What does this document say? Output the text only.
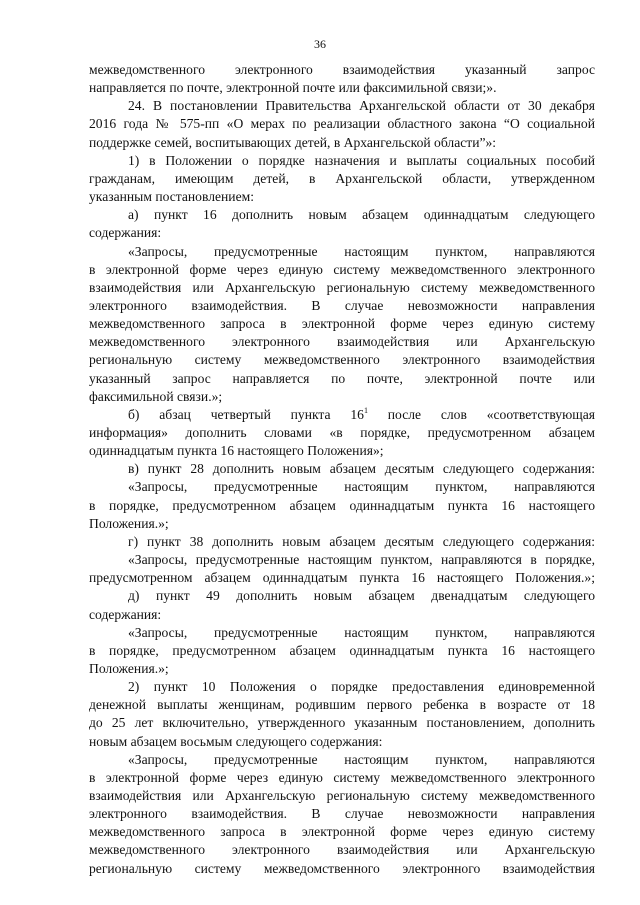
36
межведомственного электронного взаимодействия указанный запрос
направляется по почте, электронной почте или факсимильной связи;».
24. В постановлении Правительства Архангельской области от 30 декабря
2016 года № 575-пп «О мерах по реализации областного закона “О социальной
поддержке семей, воспитывающих детей, в Архангельской области”»:
1) в Положении о порядке назначения и выплаты социальных пособий
гражданам, имеющим детей, в Архангельской области, утвержденном
указанным постановлением:
а) пункт 16 дополнить новым абзацем одиннадцатым следующего
содержания:
«Запросы, предусмотренные настоящим пунктом, направляются
в электронной форме через единую систему межведомственного электронного
взаимодействия или Архангельскую региональную систему межведомственного
электронного взаимодействия. В случае невозможности направления
межведомственного запроса в электронной форме через единую систему
межведомственного электронного взаимодействия или Архангельскую
региональную систему межведомственного электронного взаимодействия
указанный запрос направляется по почте, электронной почте или
факсимильной связи.»;
б) абзац четвертый пункта $16^1$ после слов «соответствующая
информация» дополнить словами «в порядке, предусмотренном абзацем
одиннадцатым пункта 16 настоящего Положения»;
в) пункт 28 дополнить новым абзацем десятым следующего содержания:
«Запросы, предусмотренные настоящим пунктом, направляются
в порядке, предусмотренном абзацем одиннадцатым пункта 16 настоящего
Положения.»;
г) пункт 38 дополнить новым абзацем десятым следующего содержания:
«Запросы, предусмотренные настоящим пунктом, направляются в порядке,
предусмотренном абзацем одиннадцатым пункта 16 настоящего Положения.»;
д) пункт 49 дополнить новым абзацем двенадцатым следующего
содержания:
«Запросы, предусмотренные настоящим пунктом, направляются
в порядке, предусмотренном абзацем одиннадцатым пункта 16 настоящего
Положения.»;
2) пункт 10 Положения о порядке предоставления единовременной
денежной выплаты женщинам, родившим первого ребенка в возрасте от 18
до 25 лет включительно, утвержденного указанным постановлением, дополнить
новым абзацем восьмым следующего содержания:
«Запросы, предусмотренные настоящим пунктом, направляются
в электронной форме через единую систему межведомственного электронного
взаимодействия или Архангельскую региональную систему межведомственного
электронного взаимодействия. В случае невозможности направления
межведомственного запроса в электронной форме через единую систему
межведомственного электронного взаимодействия или Архангельскую
региональную систему межведомственного электронного взаимодействия
